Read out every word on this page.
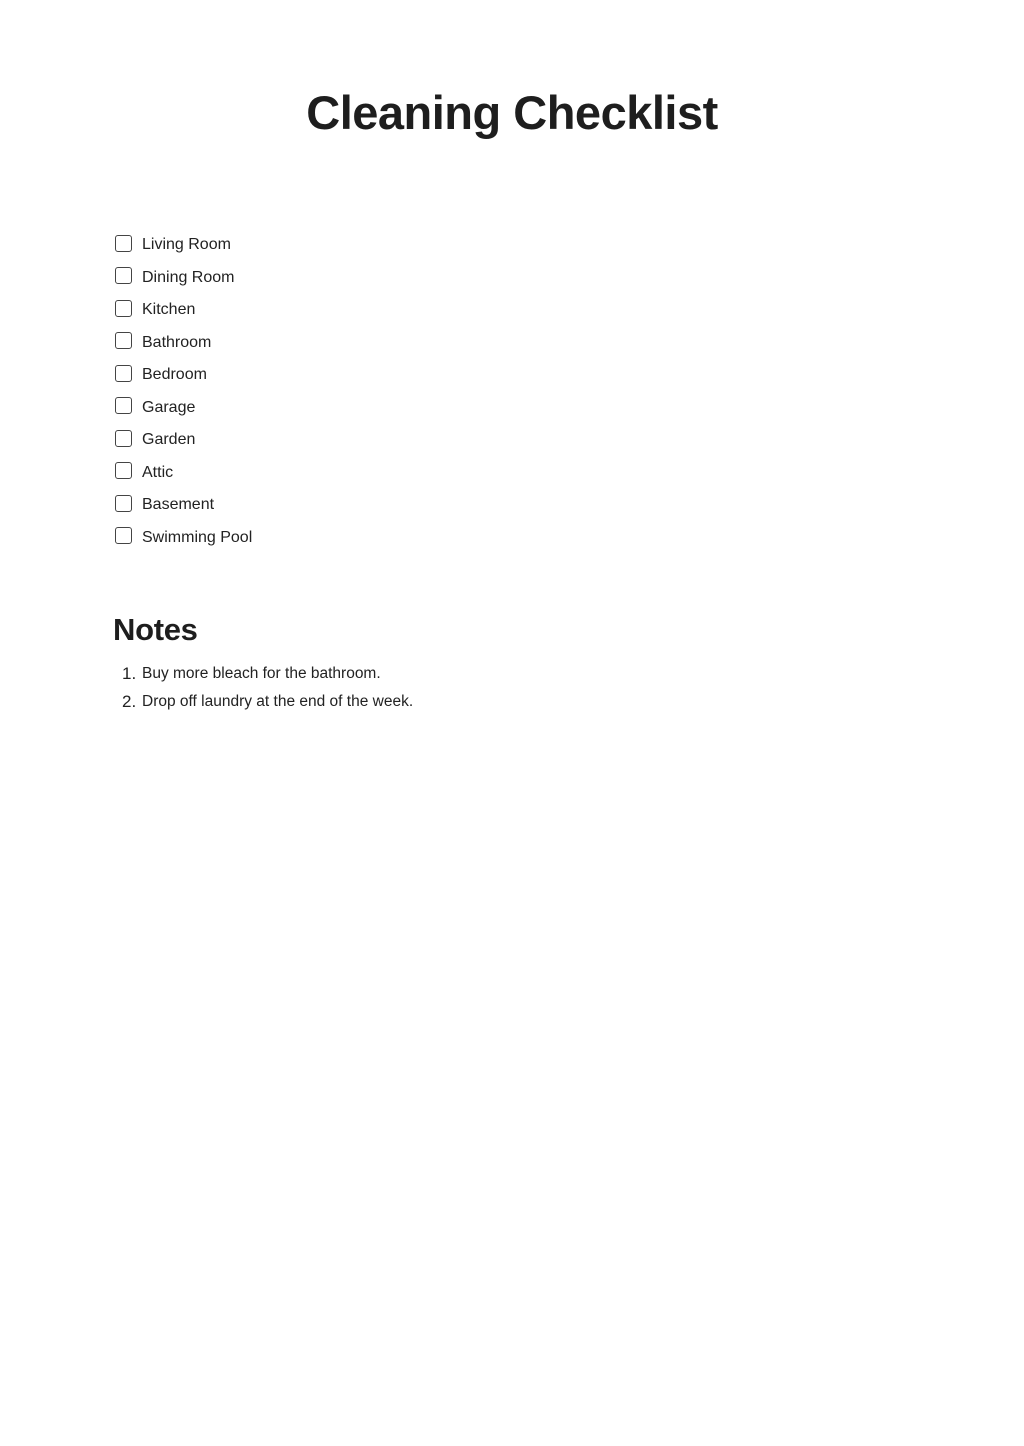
Cleaning Checklist
Living Room
Dining Room
Kitchen
Bathroom
Bedroom
Garage
Garden
Attic
Basement
Swimming Pool
Notes
1. Buy more bleach for the bathroom.
2. Drop off laundry at the end of the week.
